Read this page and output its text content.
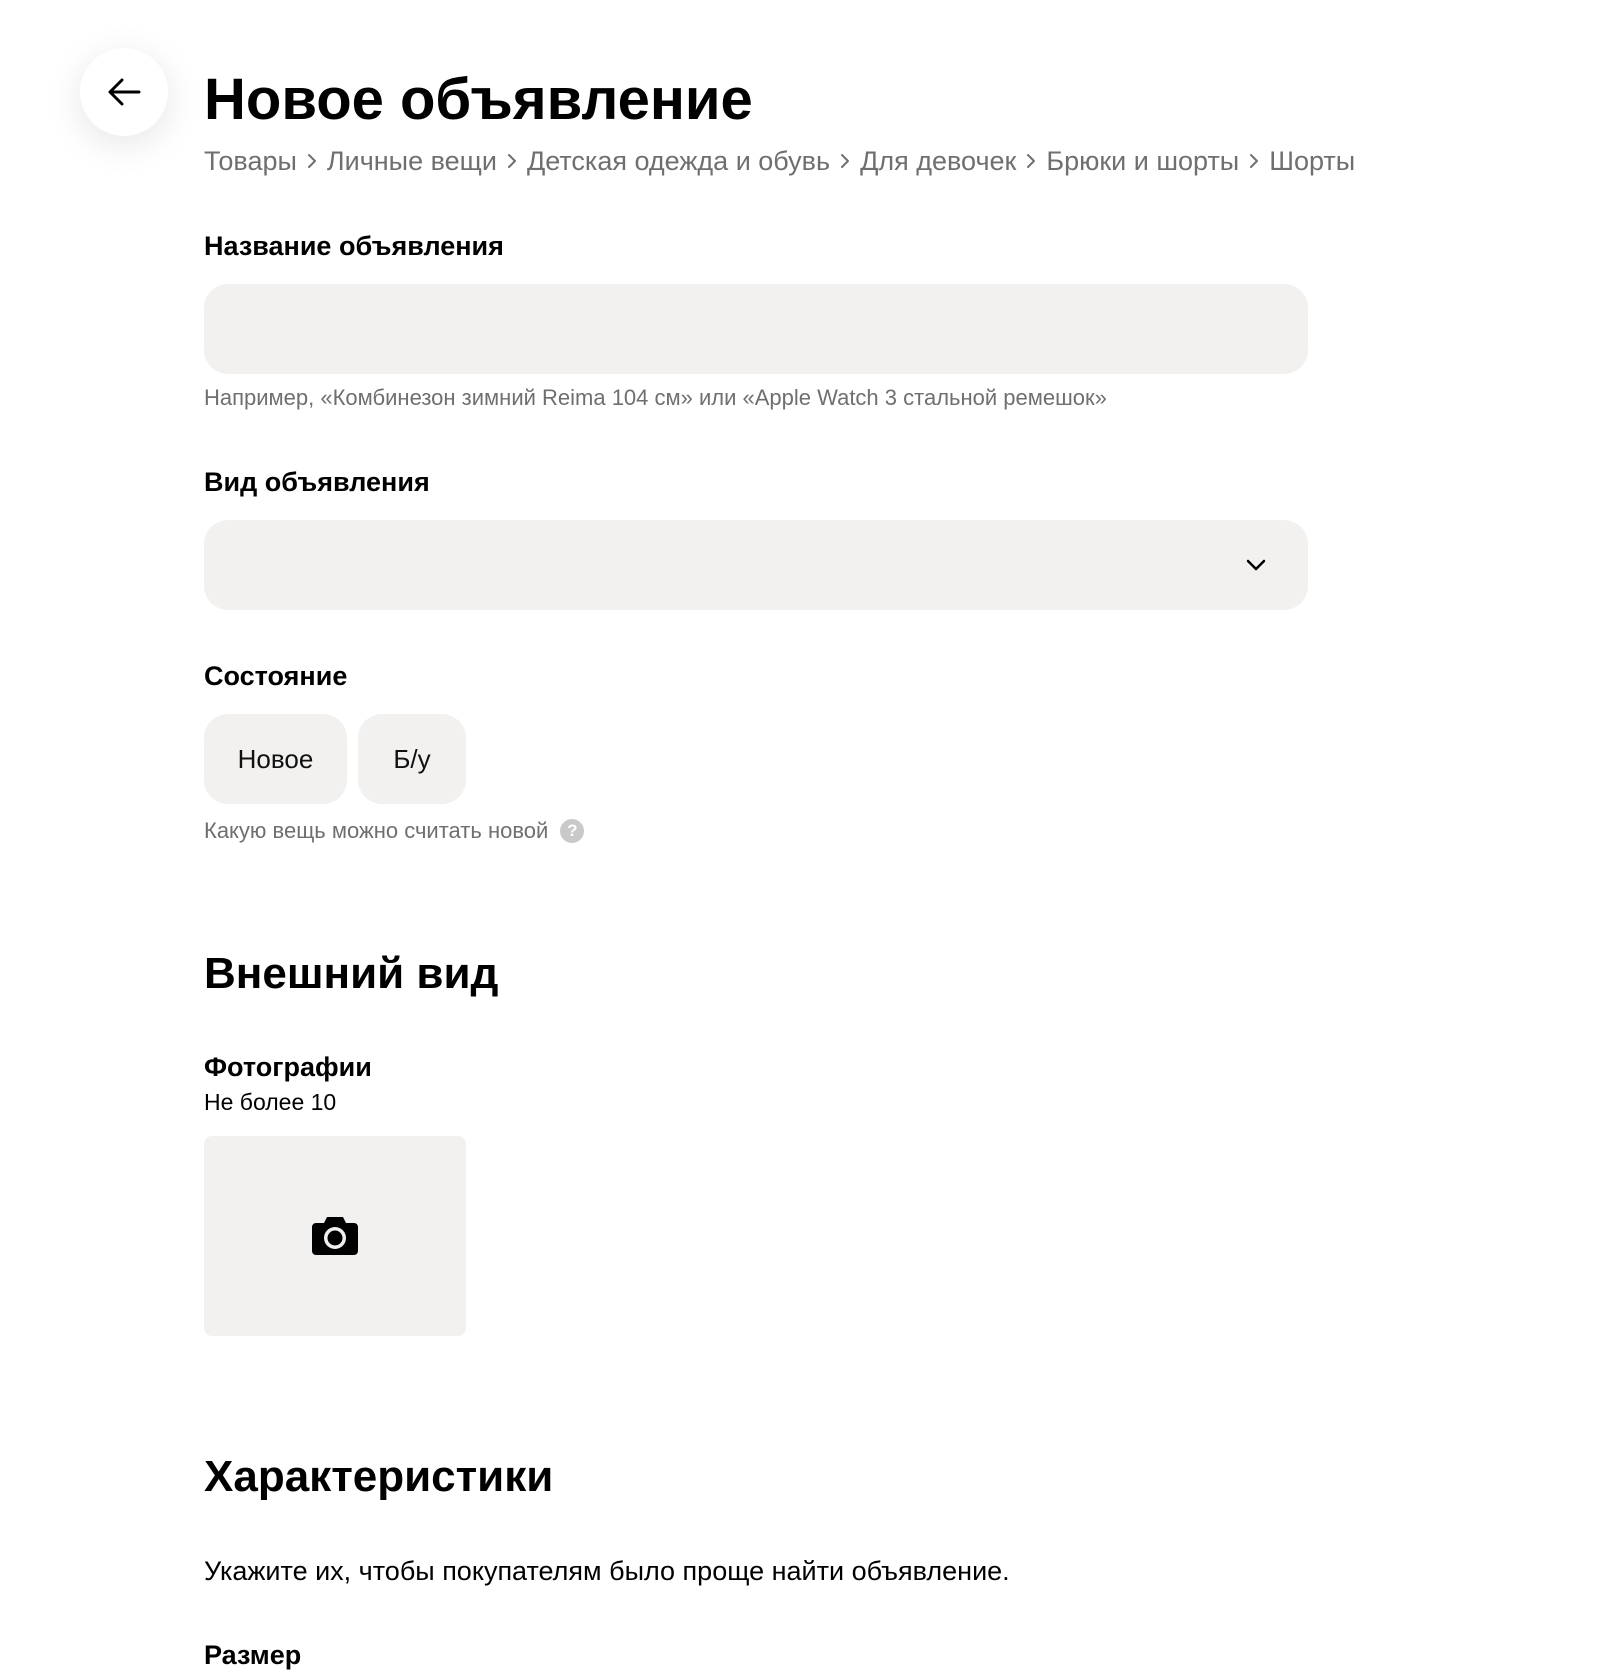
Новое объявление
Товары Личные вещи Детская одежда и обувь Для девочек Брюки и шорты Шорты
Название объявления
Например, «Комбинезон зимний Reima 104 см» или «Apple Watch 3 стальной ремешок»
Вид объявления
Состояние
Новое	Б/у
Какую вещь можно считать новой	?
Внешний вид
Фотографии
Не более 10
Характеристики
Укажите их, чтобы покупателям было проще найти объявление.
Размер
